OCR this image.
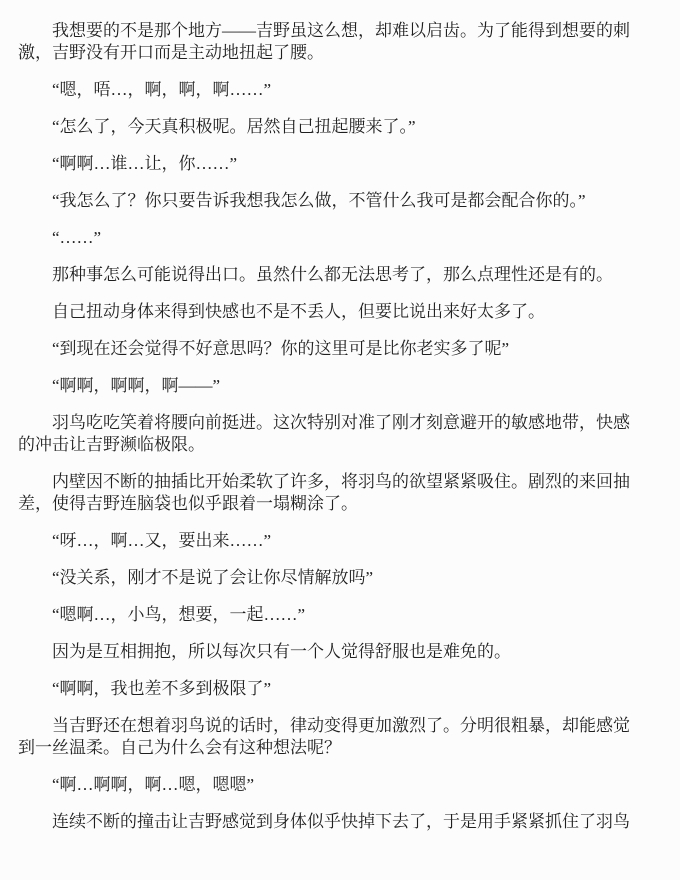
我想要的不是那个地方——吉野虽这么想，却难以启齿。为了能得到想要的刺激，吉野没有开口而是主动地扭起了腰。

“嗯，唔…，啊，啊，啊……”

“怎么了，今天真积极呢。居然自己扭起腰来了。”

“啊啊…谁…让，你……”

“我怎么了？你只要告诉我想我怎么做，不管什么我可是都会配合你的。”

“……”

那种事怎么可能说得出口。虽然什么都无法思考了，那么点理性还是有的。

自己扭动身体来得到快感也不是不丢人，但要比说出来好太多了。

“到现在还会觉得不好意思吗？你的这里可是比你老实多了呢”

“啊啊，啊啊，啊——”

羽鸟吃吃笑着将腰向前挺进。这次特别对准了刚才刻意避开的敏感地带，快感的冲击让吉野濒临极限。

内壁因不断的抽插比开始柔软了许多，将羽鸟的欲望紧紧吸住。剧烈的来回抽差，使得吉野连脑袋也似乎跟着一塌糊涂了。

“呀…，啊…又，要出来……”

“没关系，刚才不是说了会让你尽情解放吗”

“嗯啊…，小鸟，想要，一起……”

因为是互相拥抱，所以每次只有一个人觉得舒服也是难免的。

“啊啊，我也差不多到极限了”

当吉野还在想着羽鸟说的话时，律动变得更加激烈了。分明很粗暴，却能感觉到一丝温柔。自己为什么会有这种想法呢？

“啊…啊啊，啊…嗯，嗯嗯”

连续不断的撞击让吉野感觉到身体似乎快掉下去了，于是用手紧紧抓住了羽鸟
